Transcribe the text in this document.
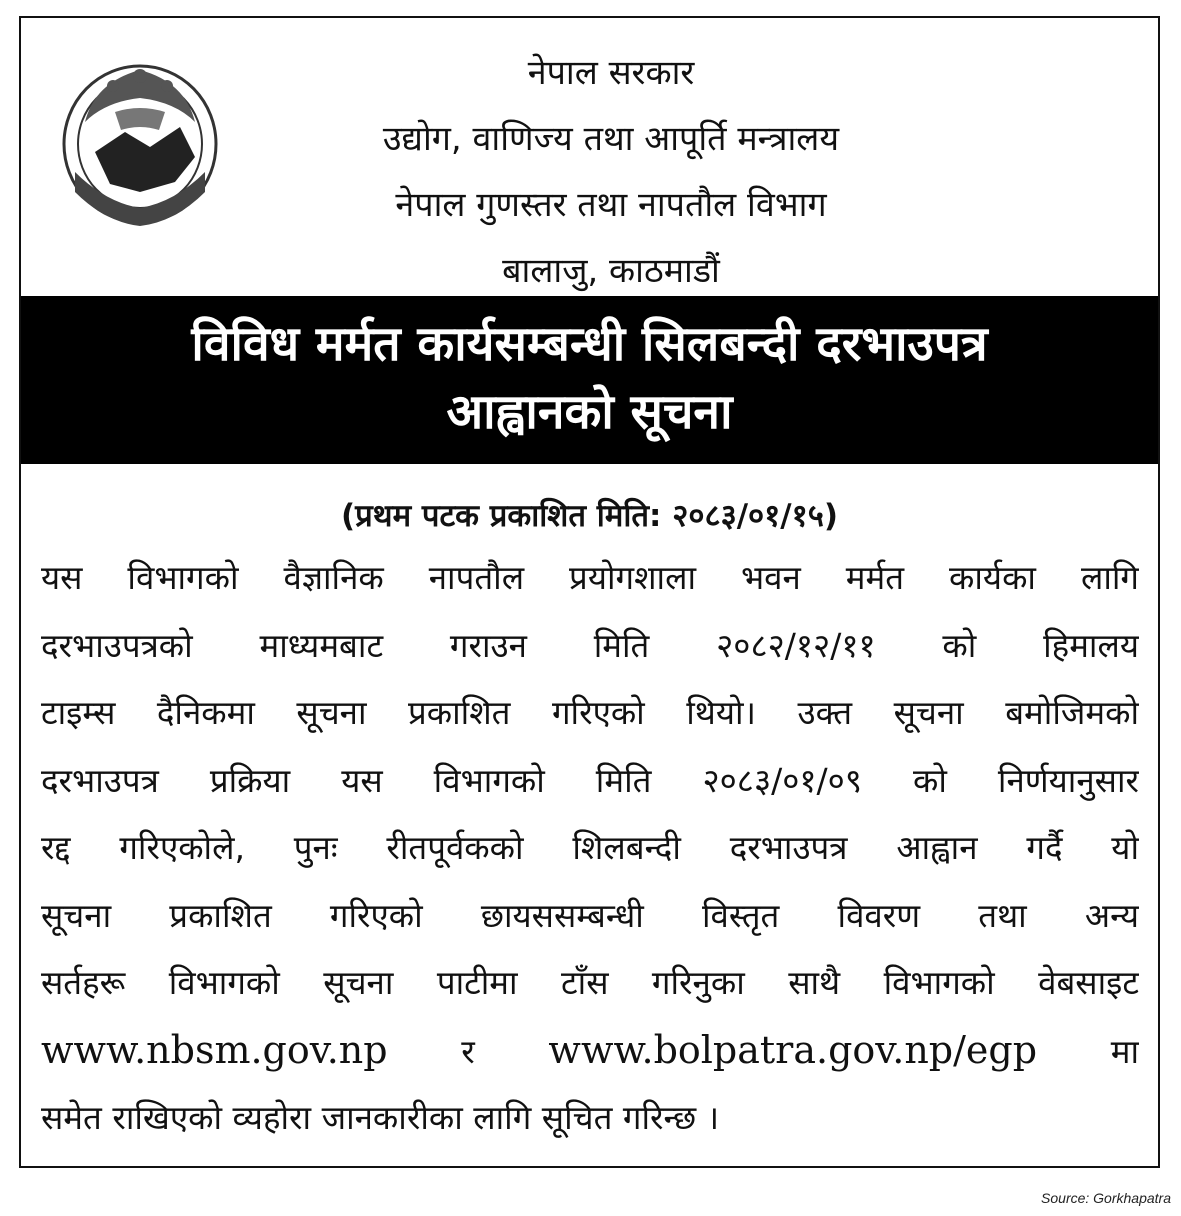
नेपाल सरकार
उद्योग, वाणिज्य तथा आपूर्ति मन्त्रालय
नेपाल गुणस्तर तथा नापतौल विभाग
बालाजु, काठमाडौं
विविध मर्मत कार्यसम्बन्धी सिलबन्दी दरभाउपत्र
आह्वानको सूचना
(प्रथम पटक प्रकाशित मिति: २०८३/०१/१५)
यस विभागको वैज्ञानिक नापतौल प्रयोगशाला भवन मर्मत कार्यका लागि
दरभाउपत्रको माध्यमबाट गराउन मिति २०८२/१२/११ को हिमालय
टाइम्स दैनिकमा सूचना प्रकाशित गरिएको थियो। उक्त सूचना बमोजिमको
दरभाउपत्र प्रक्रिया यस विभागको मिति २०८३/०१/०९ को निर्णयानुसार
रद्द गरिएकोले, पुनः रीतपूर्वकको शिलबन्दी दरभाउपत्र आह्वान गर्दै यो
सूचना प्रकाशित गरिएको छायससम्बन्धी विस्तृत विवरण तथा अन्य
सर्तहरू विभागको सूचना पाटीमा टाँस गरिनुका साथै विभागको वेबसाइट
www.nbsm.gov.np र www.bolpatra.gov.np/egp मा
समेत राखिएको व्यहोरा जानकारीका लागि सूचित गरिन्छ ।
Source: Gorkhapatra
